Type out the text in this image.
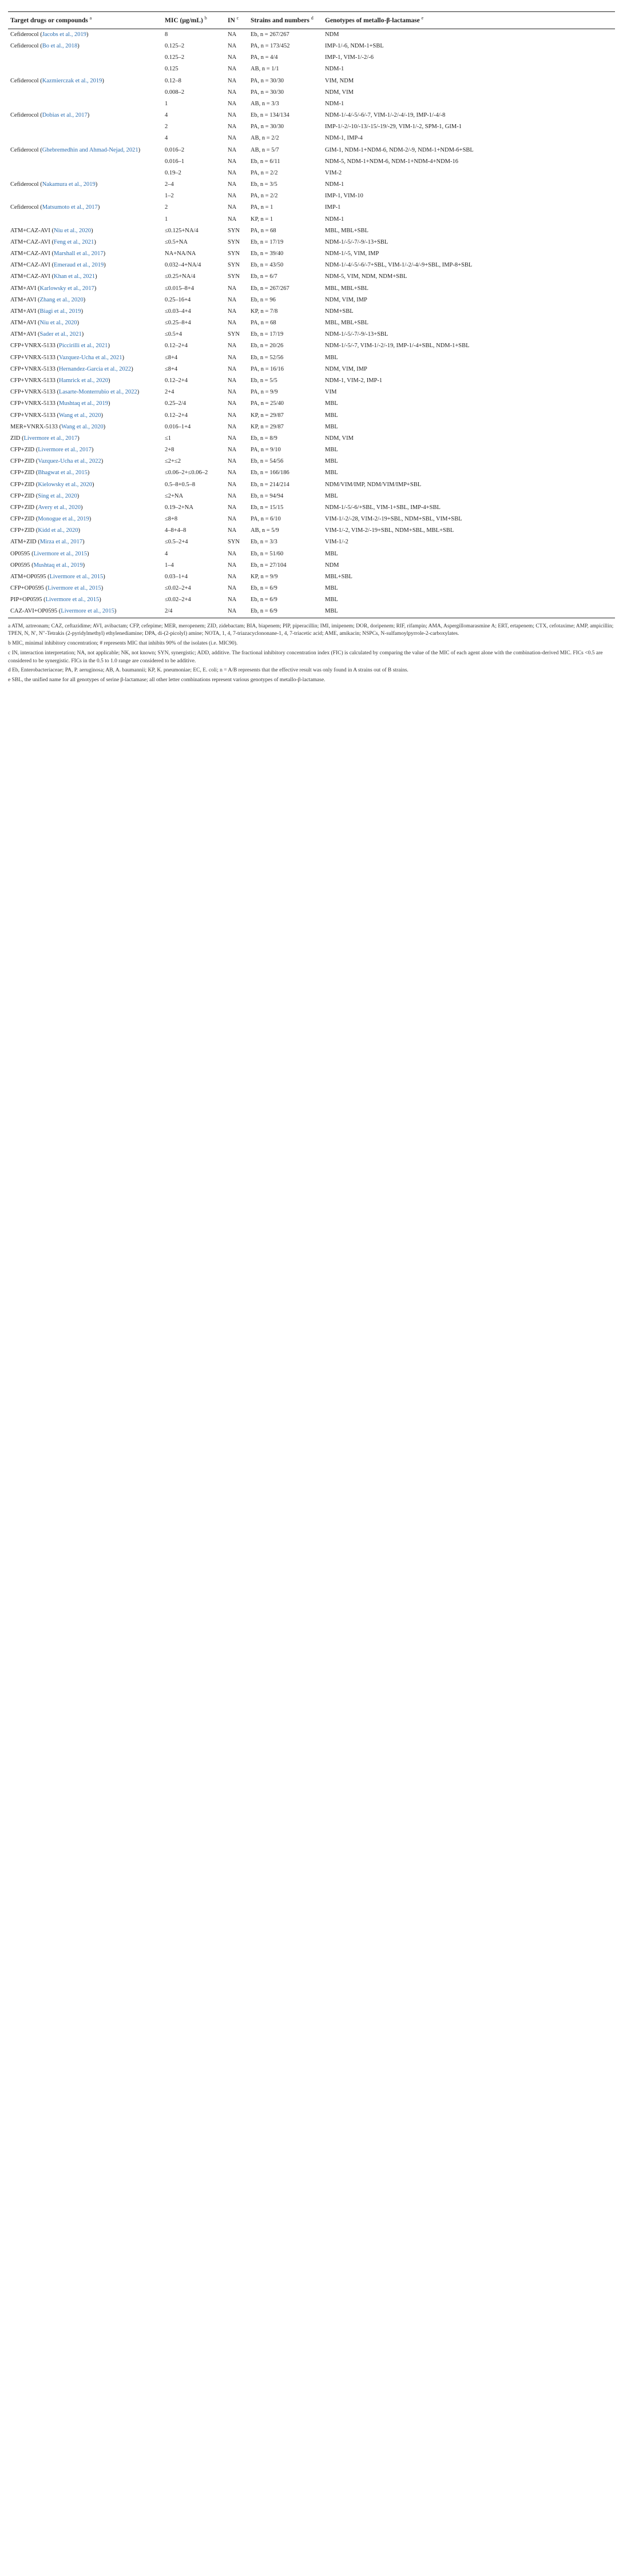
Target drugs or compounds $^a$	MIC (μg/mL) $^b$	IN $^c$	Strains and numbers $^d$	Genotypes of metallo-β-lactamase $^e$
Cefiderocol (Jacobs et al., 2019)	8	NA	Eb, n = 267/267	NDM
Cefiderocol (Bo et al., 2018)	0.125–2	NA	PA, n = 173/452	IMP-1/-6, NDM-1+SBL
	0.125–2	NA	PA, n = 4/4	IMP-1, VIM-1/-2/-6
	0.125	NA	AB, n = 1/1	NDM-1
Cefiderocol (Kazmierczak et al., 2019)	0.12–8	NA	PA, n = 30/30	VIM, NDM
	0.008–2	NA	PA, n = 30/30	NDM, VIM
	1	NA	AB, n = 3/3	NDM-1
Cefiderocol (Dobias et al., 2017)	4	NA	Eb, n = 134/134	NDM-1/-4/-5/-6/-7, VIM-1/-2/-4/-19, IMP-1/-4/-8
	2	NA	PA, n = 30/30	IMP-1/-2/-10/-13/-15/-19/-29, VIM-1/-2, SPM-1, GIM-1
	4	NA	AB, n = 2/2	NDM-1, IMP-4
Cefiderocol (Ghebremedhin and Ahmad-Nejad, 2021)	0.016–2	NA	AB, n = 5/7	GIM-1, NDM-1+NDM-6, NDM-2/-9, NDM-1+NDM-6+SBL
	0.016–1	NA	Eb, n = 6/11	NDM-5, NDM-1+NDM-6, NDM-1+NDM-4+NDM-16
	0.19–2	NA	PA, n = 2/2	VIM-2
Cefiderocol (Nakamura et al., 2019)	2–4	NA	Eb, n = 3/5	NDM-1
	1–2	NA	PA, n = 2/2	IMP-1, VIM-10
Cefiderocol (Matsumoto et al., 2017)	2	NA	PA, n = 1	IMP-1
	1	NA	KP, n = 1	NDM-1
ATM+CAZ-AVI (Niu et al., 2020)	≤0.125+NA/4	SYN	PA, n = 68	MBL, MBL+SBL
ATM+CAZ-AVI (Feng et al., 2021)	≤0.5+NA	SYN	Eb, n = 17/19	NDM-1/-5/-7/-9/-13+SBL
ATM+CAZ-AVI (Marshall et al., 2017)	NA+NA/NA	SYN	Eb, n = 39/40	NDM-1/-5, VIM, IMP
ATM+CAZ-AVI (Emeraud et al., 2019)	0.032–4+NA/4	SYN	Eb, n = 43/50	NDM-1/-4/-5/-6/-7+SBL, VIM-1/-2/-4/-9+SBL, IMP-8+SBL
ATM+CAZ-AVI (Khan et al., 2021)	≤0.25+NA/4	SYN	Eb, n = 6/7	NDM-5, VIM, NDM, NDM+SBL
ATM+AVI (Karlowsky et al., 2017)	≤0.015–8+4	NA	Eb, n = 267/267	MBL, MBL+SBL
ATM+AVI (Zhang et al., 2020)	0.25–16+4	NA	Eb, n = 96	NDM, VIM, IMP
ATM+AVI (Biagi et al., 2019)	≤0.03–4+4	NA	KP, n = 7/8	NDM+SBL
ATM+AVI (Niu et al., 2020)	≤0.25–8+4	NA	PA, n = 68	MBL, MBL+SBL
ATM+AVI (Sader et al., 2021)	≤0.5+4	SYN	Eb, n = 17/19	NDM-1/-5/-7/-9/-13+SBL
CFP+VNRX-5133 (Piccirilli et al., 2021)	0.12–2+4	NA	Eb, n = 20/26	NDM-1/-5/-7, VIM-1/-2/-19, IMP-1/-4+SBL, NDM-1+SBL
CFP+VNRX-5133 (Vazquez-Ucha et al., 2021)	≤8+4	NA	Eb, n = 52/56	MBL
CFP+VNRX-5133 (Hernandez-Garcia et al., 2022)	≤8+4	NA	PA, n = 16/16	NDM, VIM, IMP
CFP+VNRX-5133 (Hamrick et al., 2020)	0.12–2+4	NA	Eb, n = 5/5	NDM-1, VIM-2, IMP-1
CFP+VNRX-5133 (Lasarte-Monterrubio et al., 2022)	2+4	NA	PA, n = 9/9	VIM
CFP+VNRX-5133 (Mushtaq et al., 2019)	0.25–2/4	NA	PA, n = 25/40	MBL
CFP+VNRX-5133 (Wang et al., 2020)	0.12–2+4	NA	KP, n = 29/87	MBL
MER+VNRX-5133 (Wang et al., 2020)	0.016–1+4	NA	KP, n = 29/87	MBL
ZID (Livermore et al., 2017)	≤1	NA	Eb, n = 8/9	NDM, VIM
CFP+ZID (Livermore et al., 2017)	2+8	NA	PA, n = 9/10	MBL
CFP+ZID (Vazquez-Ucha et al., 2022)	≤2+≤2	NA	Eb, n = 54/56	MBL
CFP+ZID (Bhagwat et al., 2015)	≤0.06–2+≤0.06–2	NA	Eb, n = 166/186	MBL
CFP+ZID (Kielowsky et al., 2020)	0.5–8+0.5–8	NA	Eb, n = 214/214	NDM/VIM/IMP, NDM/VIM/IMP+SBL
CFP+ZID (Sing et al., 2020)	≤2+NA	NA	Eb, n = 94/94	MBL
CFP+ZID (Avery et al., 2020)	0.19–2+NA	NA	Eb, n = 15/15	NDM-1/-5/-6/+SBL, VIM-1+SBL, IMP-4+SBL
CFP+ZID (Monogue et al., 2019)	≤8+8	NA	PA, n = 6/10	VIM-1/-2/-28, VIM-2/-19+SBL, NDM+SBL, VIM+SBL
CFP+ZID (Kidd et al., 2020)	4–8+4–8	NA	AB, n = 5/9	VIM-1/-2, VIM-2/-19+SBL, NDM+SBL, MBL+SBL
ATM+ZID (Mirza et al., 2017)	≤0.5–2+4	SYN	Eb, n = 3/3	VIM-1/-2
OP0595 (Livermore et al., 2015)	4	NA	Eb, n = 51/60	MBL
OP0595 (Mushtaq et al., 2019)	1–4	NA	Eb, n = 27/104	NDM
ATM+OP0595 (Livermore et al., 2015)	0.03–1+4	NA	KP, n = 9/9	MBL+SBL
CFP+OP0595 (Livermore et al., 2015)	≤0.02–2+4	NA	Eb, n = 6/9	MBL
PIP+OP0595 (Livermore et al., 2015)	≤0.02–2+4	NA	Eb, n = 6/9	MBL
CAZ-AVI+OP0595 (Livermore et al., 2015)	2/4	NA	Eb, n = 6/9	MBL

a ATM, aztreonam; CAZ, ceftazidime; AVI, avibactam; CFP, cefepime; MER, meropenem; ZID, zidebactam; BIA, biapenem; PIP, piperacillin; IMI, imipenem; DOR, doripenem; RIF, rifampin; AMA, Aspergillomarasmine A; ERT, ertapenem; CTX, cefotaxime; AMP, ampicillin; TPEN, N, N′, N′′-Tetrakis (2-pyridylmethyl) ethylenediamine; DPA, di-(2-picolyl) amine; NOTA, 1, 4, 7-triazacyclononane-1, 4, 7-triacetic acid; AME, amikacin; NSPCs, N-sulfamoylpyrrole-2-carboxylates.

b MIC, minimal inhibitory concentration; # represents MIC that inhibits 90% of the isolates (i.e. MIC90).

c IN, interaction interpretation; NA, not applicable; NK, not known; SYN, synergistic; ADD, additive. The fractional inhibitory concentration index (FIC) is calculated by comparing the value of the MIC of each agent alone with the combination-derived MIC. FICs <0.5 are considered to be synergistic. FICs in the 0.5 to 1.0 range are considered to be additive.

d Eb, Enterobacteriaceae; PA, P. aeruginosa; AB, A. baumannii; KP, K. pneumoniae; EC, E. coli; n = A/B represents that the effective result was only found in A strains out of B strains.

e SBL, the unified name for all genotypes of serine β-lactamase; all other letter combinations represent various genotypes of metallo-β-lactamase.
